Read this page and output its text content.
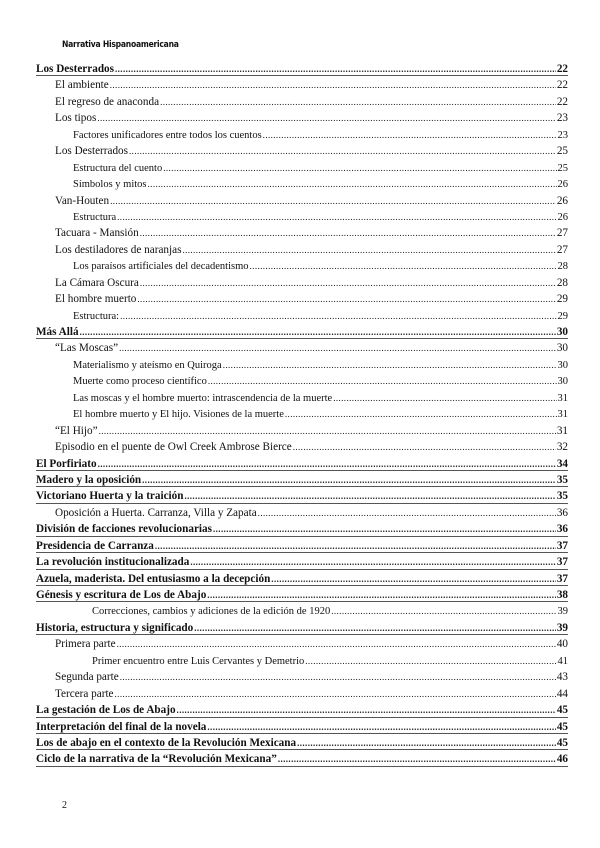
Narrativa Hispanoamericana
Los Desterrados .....	22
El ambiente .....	22
El regreso de anaconda .....	22
Los tipos .....	23
Factores unificadores entre todos los cuentos .....	23
Los Desterrados .....	25
Estructura del cuento .....	25
Símbolos y mitos .....	26
Van-Houten .....	26
Estructura .....	26
Tacuara - Mansión .....	27
Los destiladores de naranjas .....	27
Los paraísos artificiales del decadentismo .....	28
La Cámara Oscura .....	28
El hombre muerto .....	29
Estructura: .....	29
Más Allá .....	30
“Las Moscas” .....	30
Materialismo y ateísmo en Quiroga .....	30
Muerte como proceso científico .....	30
Las moscas y el hombre muerto: intrascendencia de la muerte .....	31
El hombre muerto y El hijo. Visiones de la muerte .....	31
“El Hijo” .....	31
Episodio en el puente de Owl Creek Ambrose Bierce .....	32
El Porfiriato .....	34
Madero y la oposición .....	35
Victoriano Huerta y la traición .....	35
Oposición a Huerta. Carranza, Villa y Zapata .....	36
División de facciones revolucionarias .....	36
Presidencia de Carranza .....	37
La revolución institucionalizada .....	37
Azuela, maderista. Del entusiasmo a la decepción .....	37
Génesis y escritura de Los de Abajo .....	38
Correcciones, cambios y adiciones de la edición de 1920 .....	39
Historia, estructura y significado .....	39
Primera parte .....	40
Primer encuentro entre Luis Cervantes y Demetrio .....	41
Segunda parte .....	43
Tercera parte .....	44
La gestación de Los de Abajo .....	45
Interpretación del final de la novela .....	45
Los de abajo en el contexto de la Revolución Mexicana .....	45
Ciclo de la narrativa de la “Revolución Mexicana” .....	46
2
